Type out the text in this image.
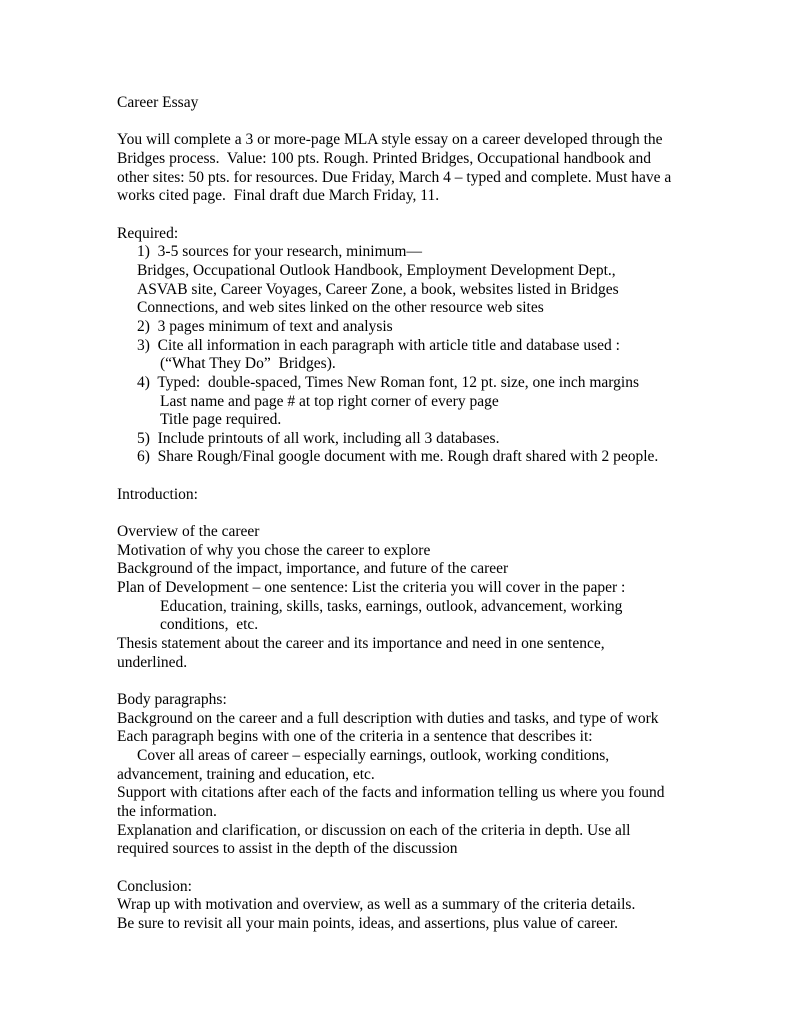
Career Essay

You will complete a 3 or more-page MLA style essay on a career developed through the
Bridges process.  Value: 100 pts. Rough. Printed Bridges, Occupational handbook and
other sites: 50 pts. for resources. Due Friday, March 4 – typed and complete. Must have a
works cited page.  Final draft due March Friday, 11.

Required:
1)  3-5 sources for your research, minimum—
Bridges, Occupational Outlook Handbook, Employment Development Dept.,
ASVAB site, Career Voyages, Career Zone, a book, websites listed in Bridges
Connections, and web sites linked on the other resource web sites
2)  3 pages minimum of text and analysis
3)  Cite all information in each paragraph with article title and database used :
(“What They Do”  Bridges).
4)  Typed:  double-spaced, Times New Roman font, 12 pt. size, one inch margins
Last name and page # at top right corner of every page
Title page required.
5)  Include printouts of all work, including all 3 databases.
6)  Share Rough/Final google document with me. Rough draft shared with 2 people.

Introduction:

Overview of the career
Motivation of why you chose the career to explore
Background of the impact, importance, and future of the career
Plan of Development – one sentence: List the criteria you will cover in the paper :
Education, training, skills, tasks, earnings, outlook, advancement, working
conditions,  etc.
Thesis statement about the career and its importance and need in one sentence,
underlined.

Body paragraphs:
Background on the career and a full description with duties and tasks, and type of work
Each paragraph begins with one of the criteria in a sentence that describes it:
Cover all areas of career – especially earnings, outlook, working conditions,
advancement, training and education, etc.
Support with citations after each of the facts and information telling us where you found
the information.
Explanation and clarification, or discussion on each of the criteria in depth. Use all
required sources to assist in the depth of the discussion

Conclusion:
Wrap up with motivation and overview, as well as a summary of the criteria details.
Be sure to revisit all your main points, ideas, and assertions, plus value of career.
